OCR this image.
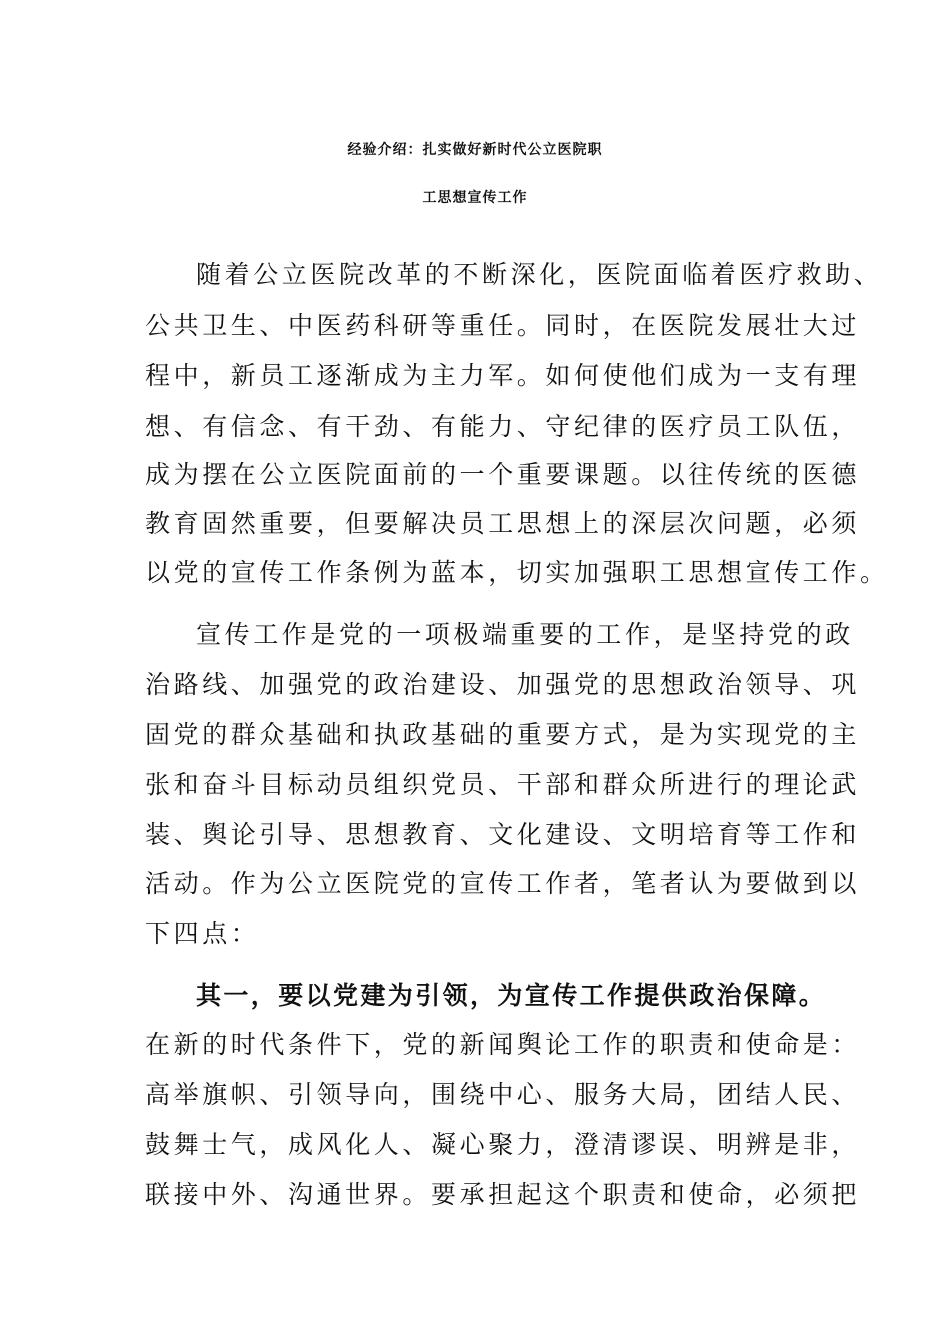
经验介绍：扎实做好新时代公立医院职
工思想宣传工作

随着公立医院改革的不断深化，医院面临着医疗救助、

公共卫生、中医药科研等重任。同时，在医院发展壮大过

程中，新员工逐渐成为主力军。如何使他们成为一支有理

想、有信念、有干劲、有能力、守纪律的医疗员工队伍，

成为摆在公立医院面前的一个重要课题。以往传统的医德

教育固然重要，但要解决员工思想上的深层次问题，必须

以党的宣传工作条例为蓝本，切实加强职工思想宣传工作。

宣传工作是党的一项极端重要的工作，是坚持党的政

治路线、加强党的政治建设、加强党的思想政治领导、巩

固党的群众基础和执政基础的重要方式，是为实现党的主

张和奋斗目标动员组织党员、干部和群众所进行的理论武

装、舆论引导、思想教育、文化建设、文明培育等工作和

活动。作为公立医院党的宣传工作者，笔者认为要做到以

下四点：

其一，要以党建为引领，为宣传工作提供政治保障。

在新的时代条件下，党的新闻舆论工作的职责和使命是：

高举旗帜、引领导向，围绕中心、服务大局，团结人民、

鼓舞士气，成风化人、凝心聚力，澄清谬误、明辨是非，

联接中外、沟通世界。要承担起这个职责和使命，必须把
